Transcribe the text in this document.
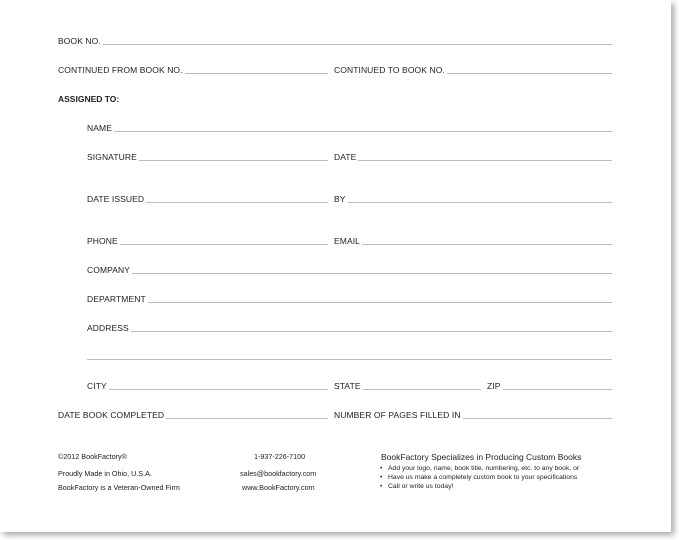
BOOK NO.
CONTINUED FROM BOOK NO.	CONTINUED TO BOOK NO.
ASSIGNED TO:
NAME
SIGNATURE	DATE
DATE ISSUED	BY
PHONE	EMAIL
COMPANY
DEPARTMENT
ADDRESS
CITY	STATE	ZIP
DATE BOOK COMPLETED	NUMBER OF PAGES FILLED IN
©2012 BookFactory®
Proudly Made in Ohio, U.S.A.
BookFactory is a Veteran-Owned Firm
1-937-226-7100
sales@bookfactory.com
www.BookFactory.com
BookFactory Specializes in Producing Custom Books
• Add your logo, name, book title, numbering, etc. to any book, or
• Have us make a completely custom book to your specifications
• Call or write us today!
